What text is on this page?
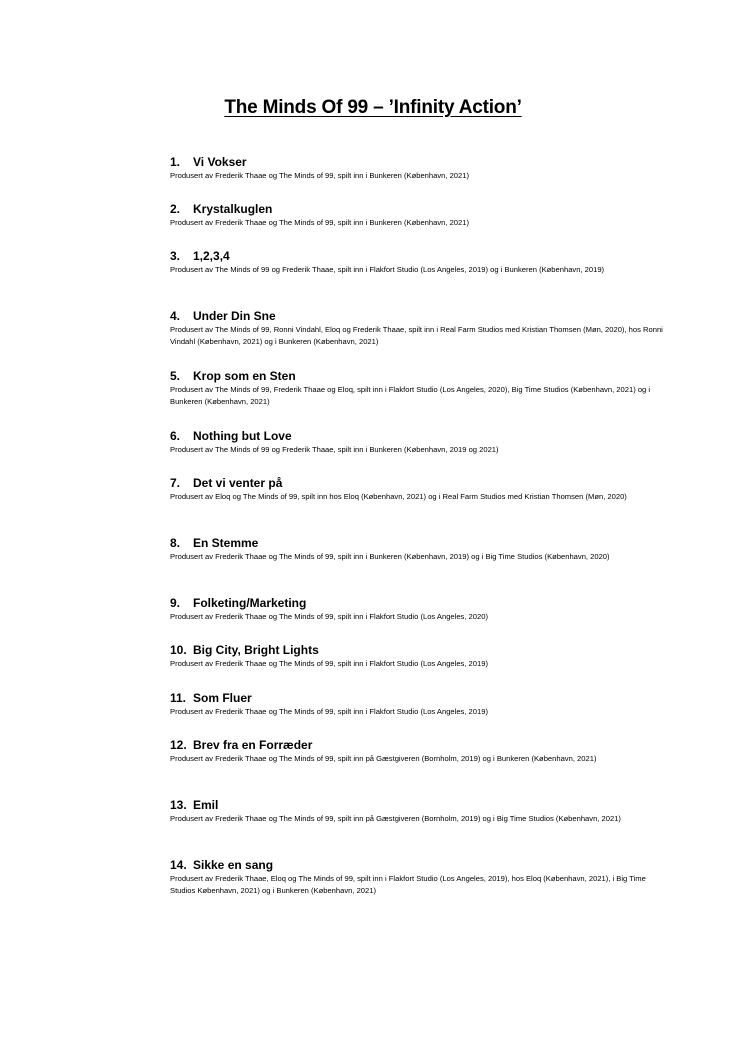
The Minds Of 99 – ’Infinity Action’
1. Vi Vokser
Produsert av Frederik Thaae og The Minds of 99, spilt inn i Bunkeren (København, 2021)
2. Krystalkuglen
Produsert av Frederik Thaae og The Minds of 99, spilt inn i Bunkeren (København, 2021)
3. 1,2,3,4
Produsert av The Minds of 99 og Frederik Thaae, spilt inn i Flakfort Studio (Los Angeles, 2019) og i Bunkeren (København, 2019)
4. Under Din Sne
Produsert av The Minds of 99, Ronni Vindahl, Eloq og Frederik Thaae, spilt inn i Real Farm Studios med Kristian Thomsen (Møn, 2020), hos Ronni Vindahl (København, 2021) og i Bunkeren (København, 2021)
5. Krop som en Sten
Produsert av The Minds of 99, Frederik Thaae og Eloq, spilt inn i Flakfort Studio (Los Angeles, 2020), Big Time Studios (København, 2021) og i Bunkeren (København, 2021)
6. Nothing but Love
Produsert av The Minds of 99 og Frederik Thaae, spilt inn i Bunkeren (København, 2019 og 2021)
7. Det vi venter på
Produsert av Eloq og The Minds of 99, spilt inn hos Eloq (København, 2021) og i Real Farm Studios med Kristian Thomsen (Møn, 2020)
8. En Stemme
Produsert av Frederik Thaae og The Minds of 99, spilt inn i Bunkeren (København, 2019) og i Big Time Studios (København, 2020)
9. Folketing/Marketing
Produsert av Frederik Thaae og The Minds of 99, spilt inn i Flakfort Studio (Los Angeles, 2020)
10. Big City, Bright Lights
Produsert av Frederik Thaae og The Minds of 99, spilt inn i Flakfort Studio (Los Angeles, 2019)
11. Som Fluer
Produsert av Frederik Thaae og The Minds of 99, spilt inn i Flakfort Studio (Los Angeles, 2019)
12. Brev fra en Forræder
Produsert av Frederik Thaae og The Minds of 99, spilt inn på Gæstgiveren (Bornholm, 2019) og i Bunkeren (København, 2021)
13. Emil
Produsert av Frederik Thaae og The Minds of 99, spilt inn på Gæstgiveren (Bornholm, 2019) og i Big Time Studios (København, 2021)
14. Sikke en sang
Produsert av Frederik Thaae, Eloq og The Minds of 99, spilt inn i Flakfort Studio (Los Angeles, 2019), hos Eloq (København, 2021), i Big Time Studios København, 2021) og i Bunkeren (København, 2021)
